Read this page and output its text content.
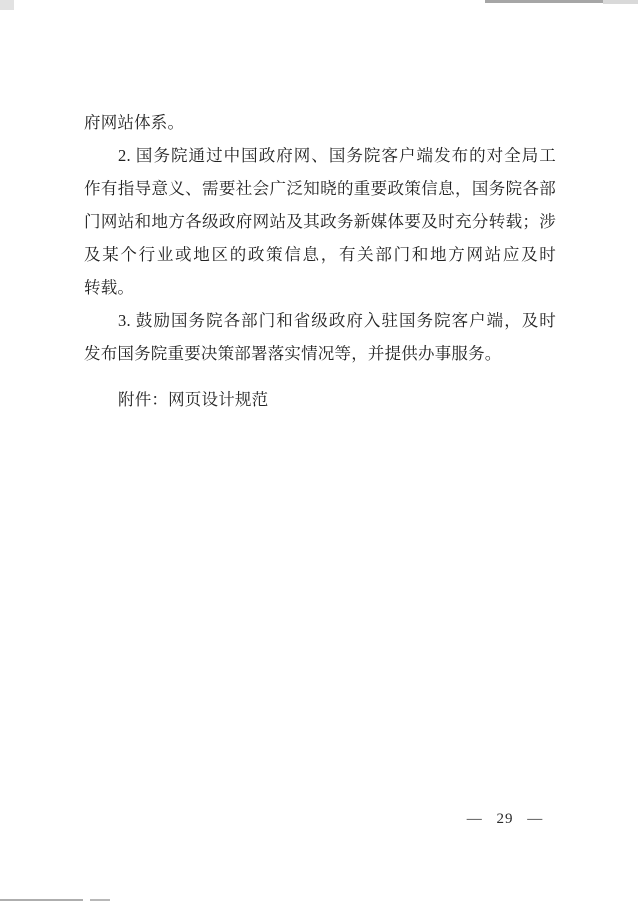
府网站体系。
2. 国务院通过中国政府网、国务院客户端发布的对全局工
作有指导意义、需要社会广泛知晓的重要政策信息，国务院各部
门网站和地方各级政府网站及其政务新媒体要及时充分转载；涉
及某个行业或地区的政策信息，有关部门和地方网站应及时
转载。
3. 鼓励国务院各部门和省级政府入驻国务院客户端，及时
发布国务院重要决策部署落实情况等，并提供办事服务。
附件：网页设计规范
— 29 —
